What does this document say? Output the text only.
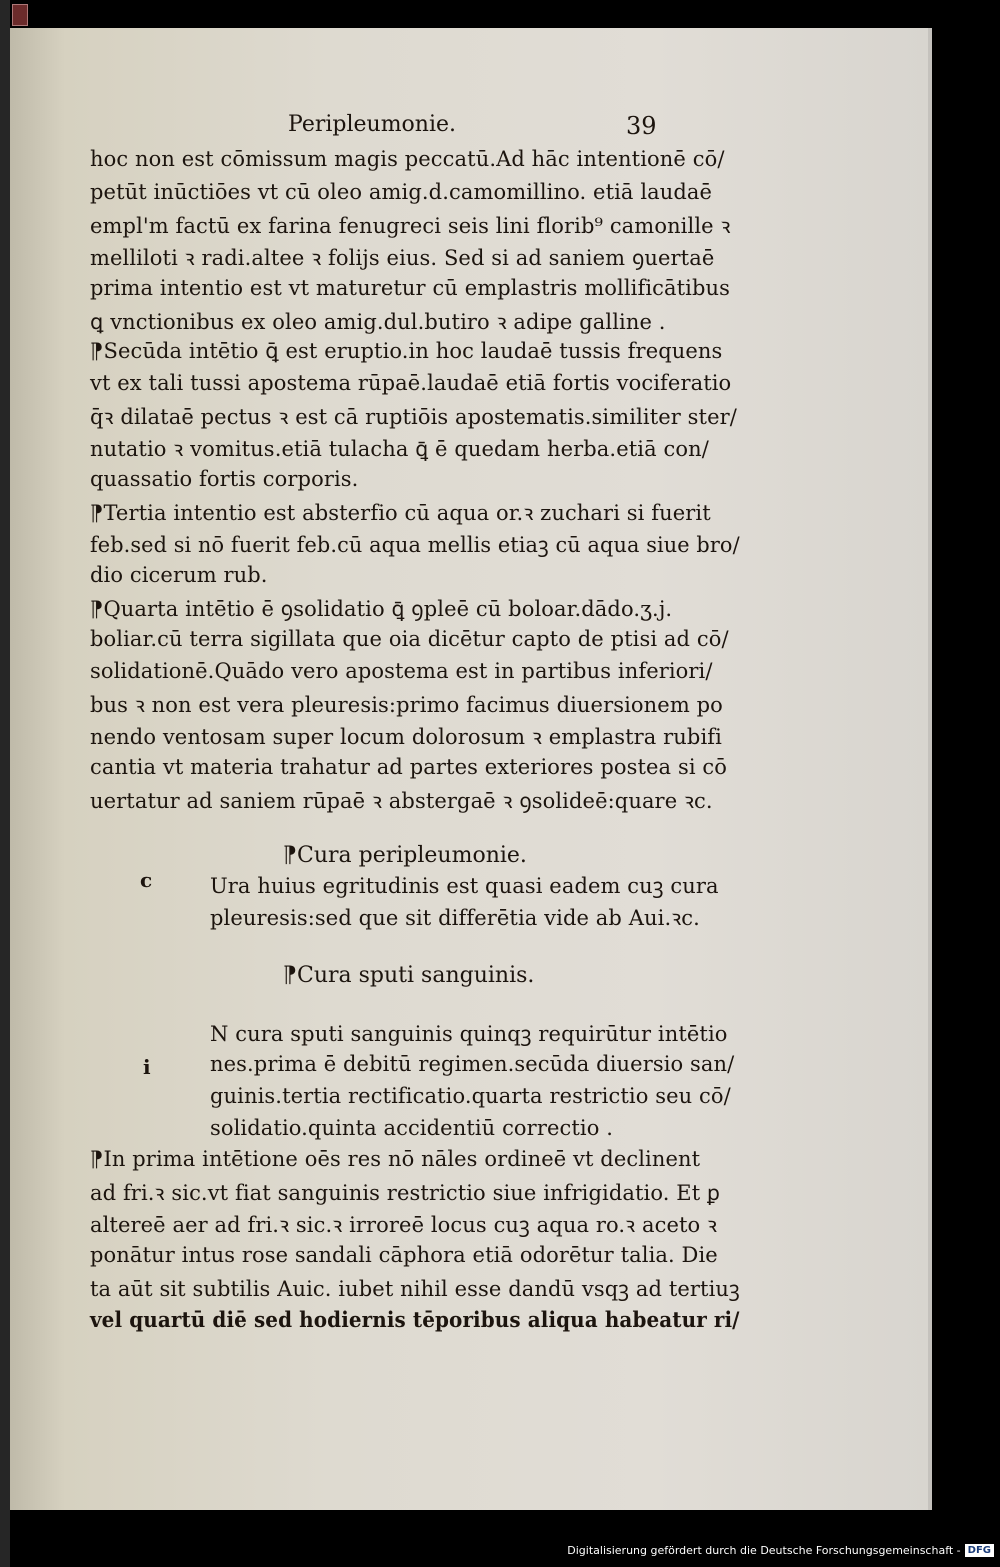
Peripleumonie.	39
hoc non est cōmissum magis peccatū.Ad hāc intentionē cō/
petūt inūctiōes vt cū oleo amig.d.camomillino. etiā laudaē
empl'm factū ex farina fenugreci seis lini florib⁹ camonille ꝛ
melliloti ꝛ radi.altee ꝛ folijs eius. Sed si ad saniem ꝯuertaē
prima intentio est vt maturetur cū emplastris mollificātibus
ꝗ vnctionibus ex oleo amig.dul.butiro ꝛ adipe galline .
⁋Secūda intētio ꝗ̄ est eruptio.in hoc laudaē tussis frequens
vt ex tali tussi apostema rūpaē.laudaē etiā fortis vociferatio
q̄ꝛ dilataē pectus ꝛ est cā ruptiōis apostematis.similiter ster/
nutatio ꝛ vomitus.etiā tulacha ꝗ̄ ē quedam herba.etiā con/
quassatio fortis corporis.
⁋Tertia intentio est absterfio cū aqua or.ꝛ zuchari si fuerit
feb.sed si nō fuerit feb.cū aqua mellis etiaꝫ cū aqua siue bro/
dio cicerum rub.
⁋Quarta intētio ē ꝯsolidatio ꝗ̄ ꝯpleē cū boloar.dādo.ʒ.j.
boliar.cū terra sigillata que oia dicētur capto de ptisi ad cō/
solidationē.Quādo vero apostema est in partibus inferiori/
bus ꝛ non est vera pleuresis:primo facimus diuersionem po
nendo ventosam super locum dolorosum ꝛ emplastra rubifi
cantia vt materia trahatur ad partes exteriores postea si cō
uertatur ad saniem rūpaē ꝛ abstergaē ꝛ ꝯsolideē:quare ꝛc.
⁋Cura peripleumonie.
c	Ura huius egritudinis est quasi eadem cuꝫ cura
pleuresis:sed que sit differētia vide ab Aui.ꝛc.
⁋Cura sputi sanguinis.
i
N cura sputi sanguinis quinqꝫ requirūtur intētio
nes.prima ē debitū regimen.secūda diuersio san/
guinis.tertia rectificatio.quarta restrictio seu cō/
solidatio.quinta accidentiū correctio .
⁋In prima intētione oēs res nō nāles ordineē vt declinent
ad fri.ꝛ sic.vt fiat sanguinis restrictio siue infrigidatio. Et ꝑ
altereē aer ad fri.ꝛ sic.ꝛ irroreē locus cuꝫ aqua ro.ꝛ aceto ꝛ
ponātur intus rose sandali cāphora etiā odorētur talia. Die
ta aūt sit subtilis Auic. iubet nihil esse dandū vsqꝫ ad tertiuꝫ
vel quartū diē sed hodiernis tēporibus aliqua habeatur ri/
Digitalisierung gefördert durch die Deutsche Forschungsgemeinschaft - DFG
